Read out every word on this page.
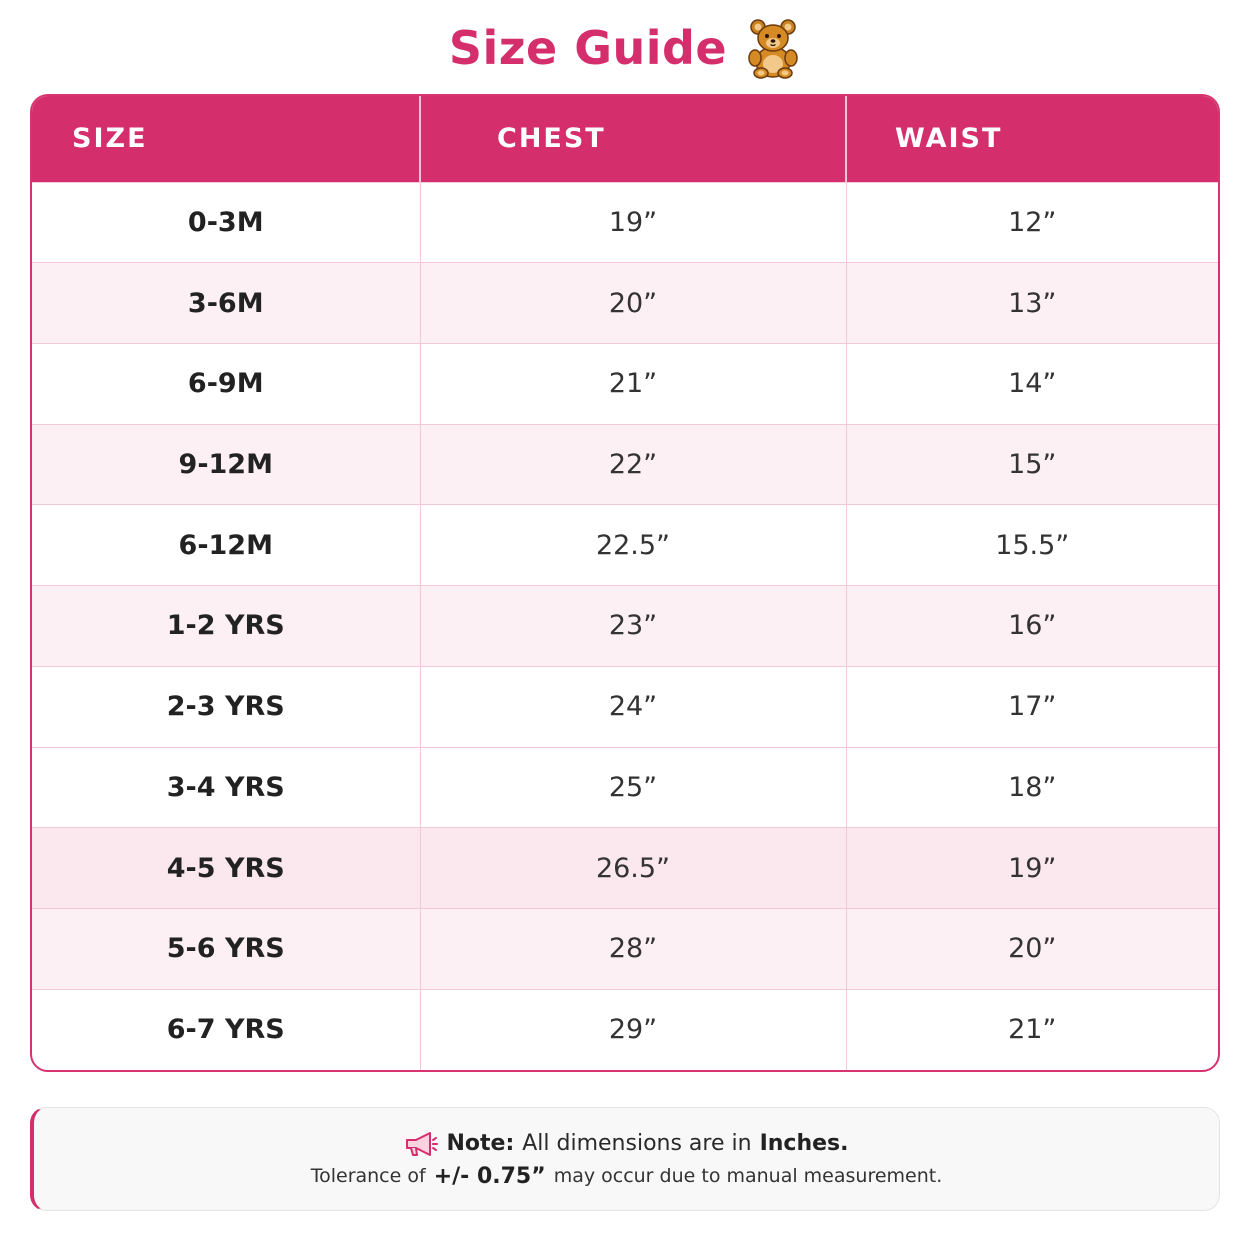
Size Guide
SIZE	CHEST	WAIST
0-3M	19”	12”
3-6M	20”	13”
6-9M	21”	14”
9-12M	22”	15”
6-12M	22.5”	15.5”
1-2 YRS	23”	16”
2-3 YRS	24”	17”
3-4 YRS	25”	18”
4-5 YRS	26.5”	19”
5-6 YRS	28”	20”
6-7 YRS	29”	21”
Note: All dimensions are in Inches.
Tolerance of +/- 0.75” may occur due to manual measurement.
